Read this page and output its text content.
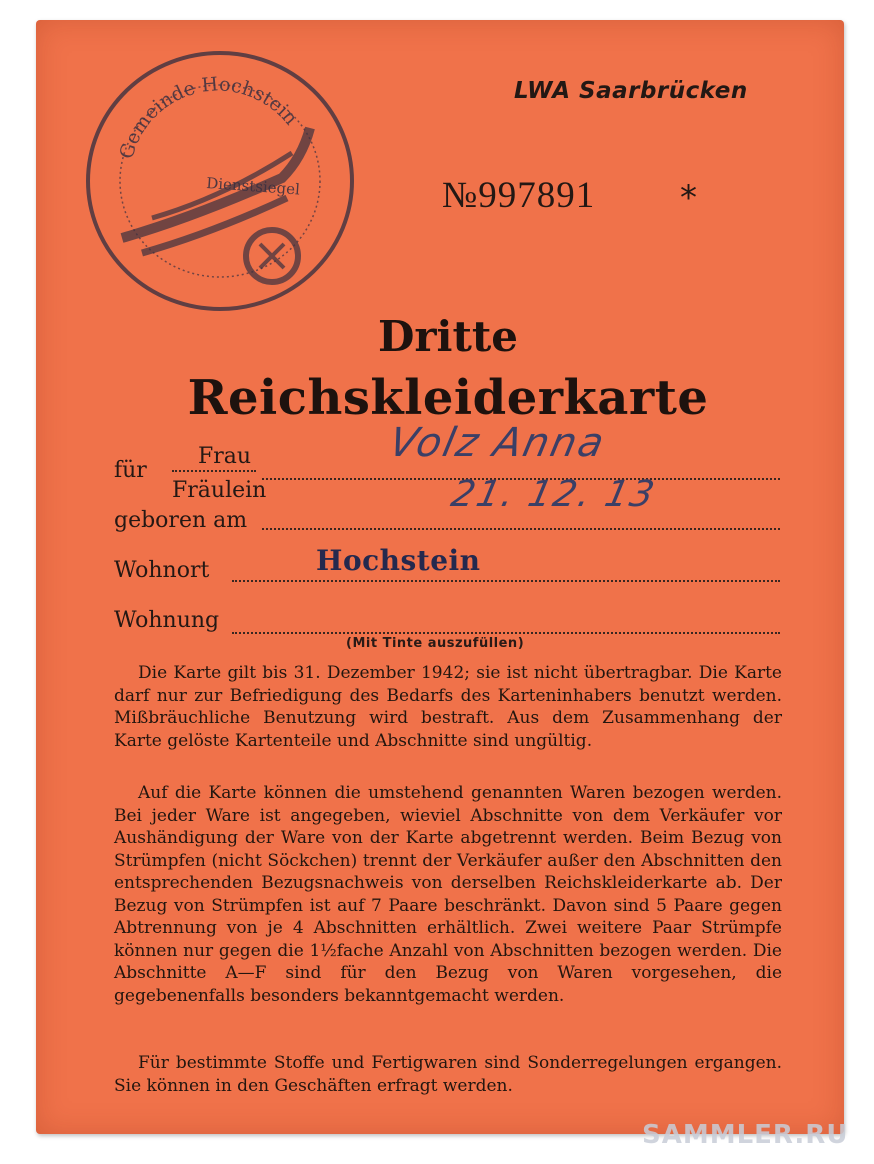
Gemeinde Hochstein
Dienstsiegel
LWA Saarbrücken
№997891	*
Dritte
Reichskleiderkarte
für
Frau
Fräulein
Volz Anna
geboren am
21. 12. 13
Wohnort	Hochstein
Wohnung
(Mit Tinte auszufüllen)

Die Karte gilt bis 31. Dezember 1942; sie ist nicht übertragbar. Die Karte darf nur zur Befriedigung des Bedarfs des Karteninhabers benutzt werden. Mißbräuchliche Benutzung wird bestraft. Aus dem Zusammenhang der Karte gelöste Kartenteile und Abschnitte sind ungültig.

Auf die Karte können die umstehend genannten Waren bezogen werden. Bei jeder Ware ist angegeben, wieviel Abschnitte von dem Verkäufer vor Aushändigung der Ware von der Karte abgetrennt werden. Beim Bezug von Strümpfen (nicht Söckchen) trennt der Verkäufer außer den Abschnitten den entsprechenden Bezugsnachweis von derselben Reichskleiderkarte ab. Der Bezug von Strümpfen ist auf 7 Paare beschränkt. Davon sind 5 Paare gegen Abtrennung von je 4 Abschnitten erhältlich. Zwei weitere Paar Strümpfe können nur gegen die 1½fache Anzahl von Abschnitten bezogen werden. Die Abschnitte A—F sind für den Bezug von Waren vorgesehen, die gegebenenfalls besonders bekanntgemacht werden.

Für bestimmte Stoffe und Fertigwaren sind Sonderregelungen ergangen. Sie können in den Geschäften erfragt werden.

SAMMLER.RU
